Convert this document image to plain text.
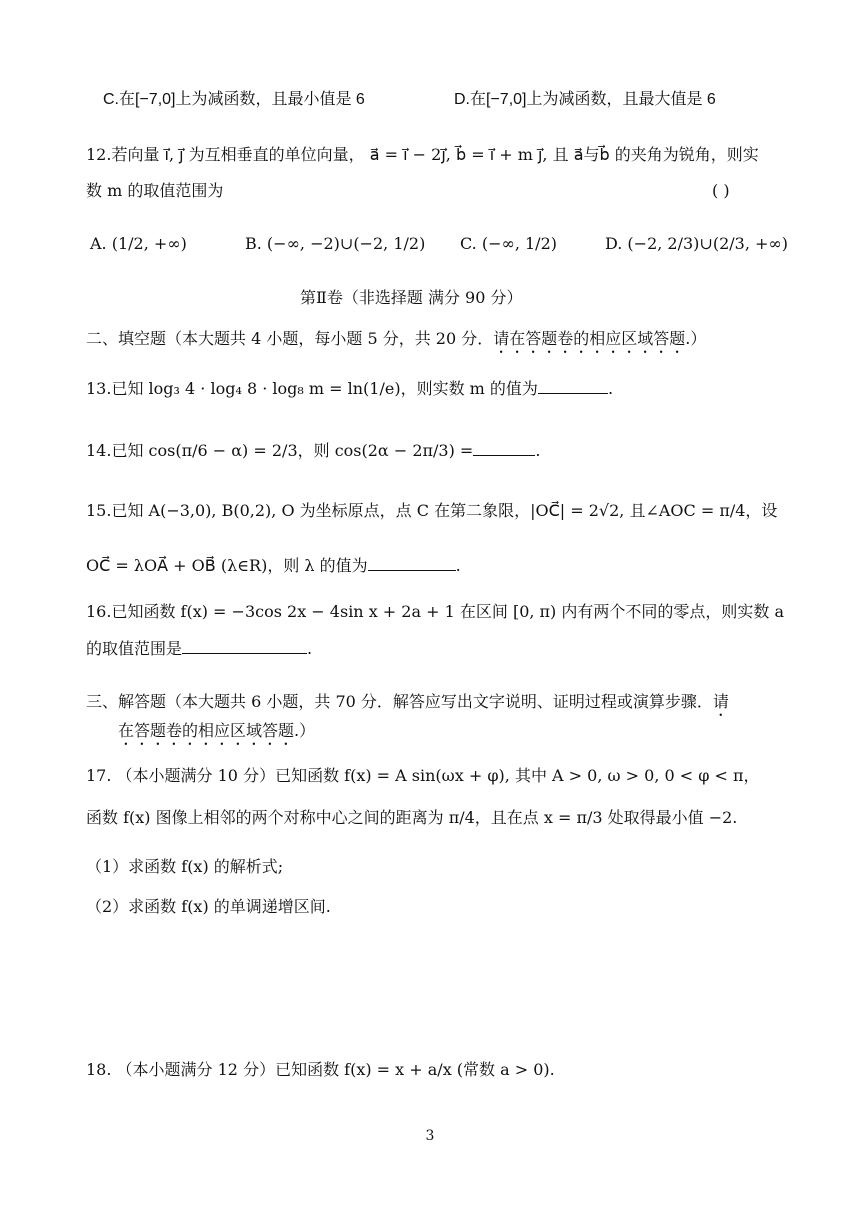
C.在[−7,0]上为减函数，且最小值是 6	D.在[−7,0]上为减函数，且最大值是 6
12.若向量 i⃗, j⃗ 为互相垂直的单位向量， a⃗ = i⃗ − 2j⃗, b⃗ = i⃗ + m j⃗, 且 a⃗与b⃗ 的夹角为锐角，则实
数 m 的取值范围为	( )
A. (1/2, +∞)	B. (−∞, −2)∪(−2, 1/2) C. (−∞, 1/2)	D. (−2, 2/3)∪(2/3, +∞)
第Ⅱ卷（非选择题 满分 90 分）
二、填空题（本大题共 4 小题，每小题 5 分，共 20 分．请在答题卷的相应区域答题.）
13.已知 log₃ 4 · log₄ 8 · log₈ m = ln(1/e)，则实数 m 的值为	.
14.已知 cos(π/6 − α) = 2/3，则 cos(2α − 2π/3) =	.
15.已知 A(−3,0), B(0,2), O 为坐标原点，点 C 在第二象限，|OC⃗| = 2√2, 且∠AOC = π/4，设
OC⃗ = λOA⃗ + OB⃗ (λ∈R)，则 λ 的值为	.
16.已知函数 f(x) = −3cos 2x − 4sin x + 2a + 1 在区间 [0, π) 内有两个不同的零点，则实数 a
的取值范围是	.
三、解答题（本大题共 6 小题，共 70 分．解答应写出文字说明、证明过程或演算步骤．请
在答题卷的相应区域答题.）
17. （本小题满分 10 分）已知函数 f(x) = A sin(ωx + φ), 其中 A > 0, ω > 0, 0 < φ < π，
函数 f(x) 图像上相邻的两个对称中心之间的距离为 π/4，且在点 x = π/3 处取得最小值 −2.
（1）求函数 f(x) 的解析式;
（2）求函数 f(x) 的单调递增区间.
18. （本小题满分 12 分）已知函数 f(x) = x + a/x (常数 a > 0).
3
